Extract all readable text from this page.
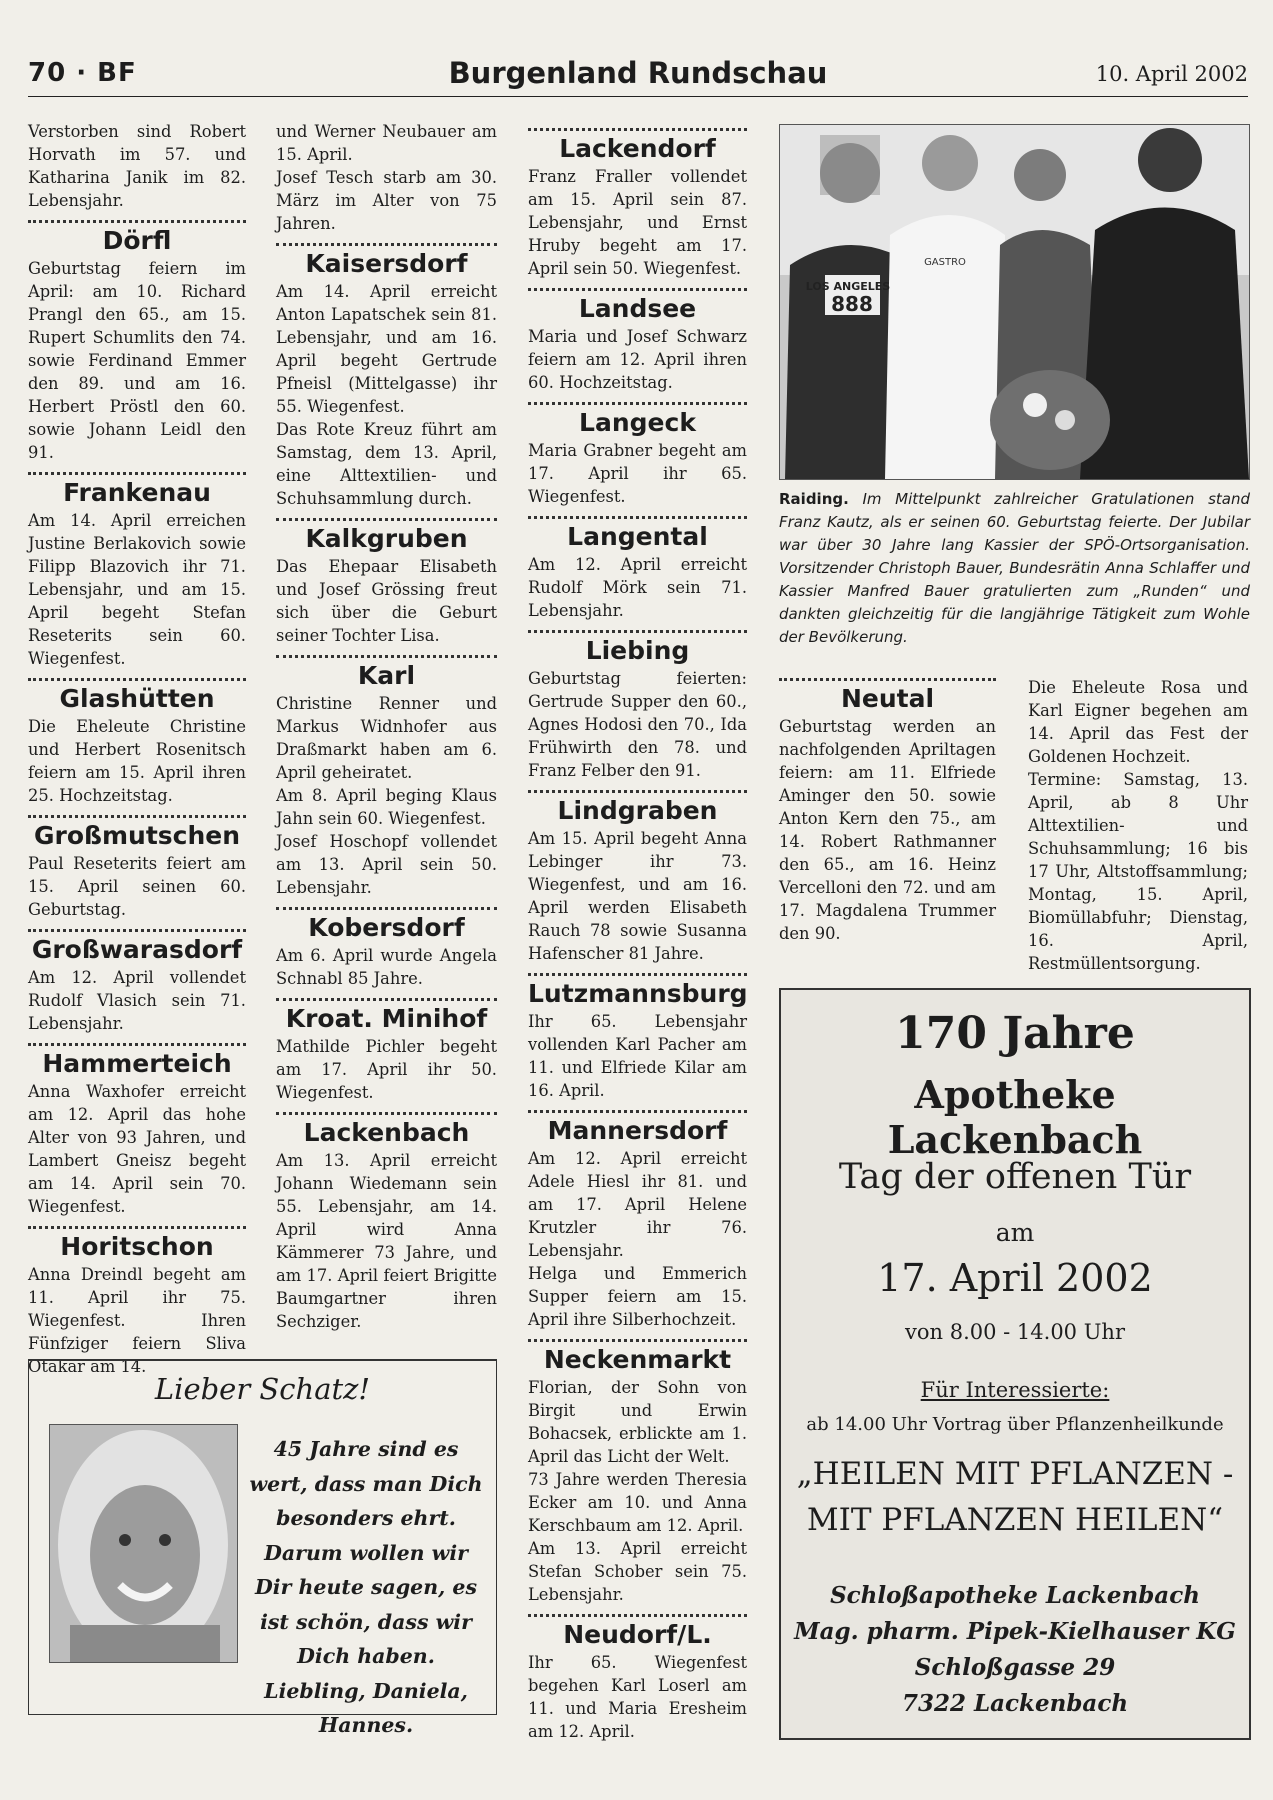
70 · BF	Burgenland Rundschau	10. April 2002

Verstorben sind Robert Horvath im 57. und Katharina Janik im 82. Lebensjahr.

Dörfl

Geburtstag feiern im April: am 10. Richard Prangl den 65., am 15. Rupert Schumlits den 74. sowie Ferdinand Emmer den 89. und am 16. Herbert Pröstl den 60. sowie Johann Leidl den 91.

Frankenau

Am 14. April erreichen Justine Berlakovich sowie Filipp Blazovich ihr 71. Lebensjahr, und am 15. April begeht Stefan Reseterits sein 60. Wiegenfest.

Glashütten

Die Eheleute Christine und Herbert Rosenitsch feiern am 15. April ihren 25. Hochzeitstag.

Großmutschen

Paul Reseterits feiert am 15. April seinen 60. Geburtstag.

Großwarasdorf

Am 12. April vollendet Rudolf Vlasich sein 71. Lebensjahr.

Hammerteich

Anna Waxhofer erreicht am 12. April das hohe Alter von 93 Jahren, und Lambert Gneisz begeht am 14. April sein 70. Wiegenfest.

Horitschon

Anna Dreindl begeht am 11. April ihr 75. Wiegenfest. Ihren Fünfziger feiern Sliva Otakar am 14.

und Werner Neubauer am 15. April.

Josef Tesch starb am 30. März im Alter von 75 Jahren.

Kaisersdorf

Am 14. April erreicht Anton Lapatschek sein 81. Lebensjahr, und am 16. April begeht Gertrude Pfneisl (Mittelgasse) ihr 55. Wiegenfest.

Das Rote Kreuz führt am Samstag, dem 13. April, eine Alttextilien- und Schuhsammlung durch.

Kalkgruben

Das Ehepaar Elisabeth und Josef Grössing freut sich über die Geburt seiner Tochter Lisa.

Karl

Christine Renner und Markus Widnhofer aus Draßmarkt haben am 6. April geheiratet.

Am 8. April beging Klaus Jahn sein 60. Wiegenfest.

Josef Hoschopf vollendet am 13. April sein 50. Lebensjahr.

Kobersdorf

Am 6. April wurde Angela Schnabl 85 Jahre.

Kroat. Minihof

Mathilde Pichler begeht am 17. April ihr 50. Wiegenfest.

Lackenbach

Am 13. April erreicht Johann Wiedemann sein 55. Lebensjahr, am 14. April wird Anna Kämmerer 73 Jahre, und am 17. April feiert Brigitte Baumgartner ihren Sechziger.

Lackendorf

Franz Fraller vollendet am 15. April sein 87. Lebensjahr, und Ernst Hruby begeht am 17. April sein 50. Wiegenfest.

Landsee

Maria und Josef Schwarz feiern am 12. April ihren 60. Hochzeitstag.

Langeck

Maria Grabner begeht am 17. April ihr 65. Wiegenfest.

Langental

Am 12. April erreicht Rudolf Mörk sein 71. Lebensjahr.

Liebing

Geburtstag feierten: Gertrude Supper den 60., Agnes Hodosi den 70., Ida Frühwirth den 78. und Franz Felber den 91.

Lindgraben

Am 15. April begeht Anna Lebinger ihr 73. Wiegenfest, und am 16. April werden Elisabeth Rauch 78 sowie Susanna Hafenscher 81 Jahre.

Lutzmannsburg

Ihr 65. Lebensjahr vollenden Karl Pacher am 11. und Elfriede Kilar am 16. April.

Mannersdorf

Am 12. April erreicht Adele Hiesl ihr 81. und am 17. April Helene Krutzler ihr 76. Lebensjahr.

Helga und Emmerich Supper feiern am 15. April ihre Silberhochzeit.

Neckenmarkt

Florian, der Sohn von Birgit und Erwin Bohacsek, erblickte am 1. April das Licht der Welt.

73 Jahre werden Theresia Ecker am 10. und Anna Kerschbaum am 12. April.

Am 13. April erreicht Stefan Schober sein 75. Lebensjahr.

Neudorf/L.

Ihr 65. Wiegenfest begehen Karl Loserl am 11. und Maria Eresheim am 12. April.

LOS ANGELES
888
GASTRO
Raiding. Im Mittelpunkt zahlreicher Gratulationen stand Franz Kautz, als er seinen 60. Geburtstag feierte. Der Jubilar war über 30 Jahre lang Kassier der SPÖ-Ortsorganisation. Vorsitzender Christoph Bauer, Bundesrätin Anna Schlaffer und Kassier Manfred Bauer gratulierten zum „Runden“ und dankten gleichzeitig für die langjährige Tätigkeit zum Wohle der Bevölkerung.
Neutal

Geburtstag werden an nachfolgenden Apriltagen feiern: am 11. Elfriede Aminger den 50. sowie Anton Kern den 75., am 14. Robert Rathmanner den 65., am 16. Heinz Vercelloni den 72. und am 17. Magdalena Trummer den 90.

Die Eheleute Rosa und Karl Eigner begehen am 14. April das Fest der Goldenen Hochzeit.

Termine: Samstag, 13. April, ab 8 Uhr Alttextilien- und Schuhsammlung; 16 bis 17 Uhr, Altstoffsammlung; Montag, 15. April, Biomüllabfuhr; Dienstag, 16. April, Restmüllentsorgung.

Lieber Schatz!
45 Jahre sind es
wert, dass man Dich
besonders ehrt.
Darum wollen wir
Dir heute sagen, es
ist schön, dass wir
Dich haben.
Liebling, Daniela,
Hannes.
170 Jahre
Apotheke Lackenbach
Tag der offenen Tür
am
17. April 2002
von 8.00 - 14.00 Uhr
Für Interessierte:
ab 14.00 Uhr Vortrag über Pflanzenheilkunde
„HEILEN MIT PFLANZEN -
MIT PFLANZEN HEILEN“
Schloßapotheke Lackenbach
Mag. pharm. Pipek-Kielhauser KG
Schloßgasse 29
7322 Lackenbach
